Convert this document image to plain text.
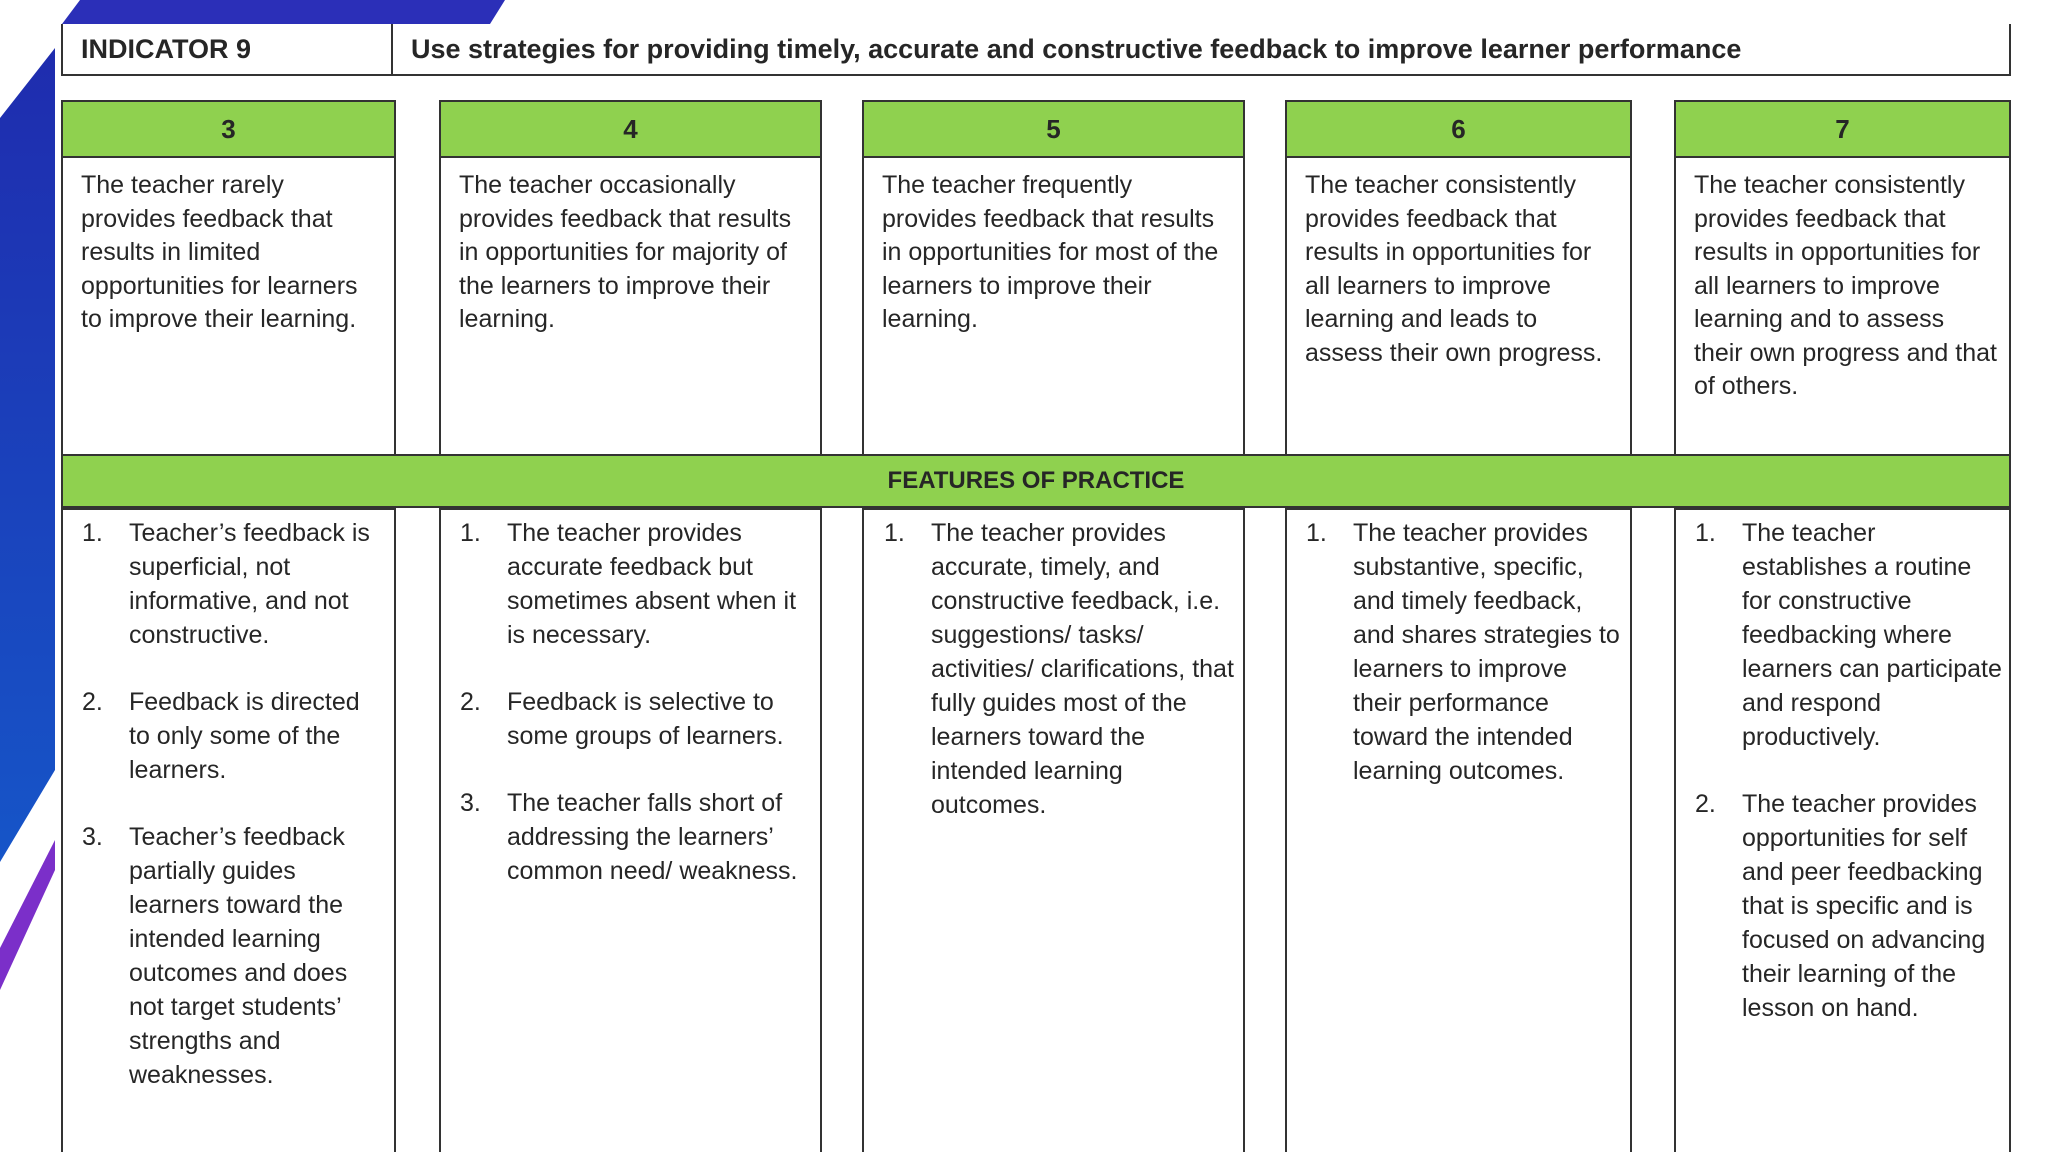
INDICATOR 9	Use strategies for providing timely, accurate and constructive feedback to improve learner performance
3
The teacher rarely provides feedback that results in limited opportunities for learners to improve their learning.
4
The teacher occasionally provides feedback that results in opportunities for majority of the learners to improve their learning.
5
The teacher frequently provides feedback that results in opportunities for most of the learners to improve their learning.
6
The teacher consistently provides feedback that results in opportunities for all learners to improve learning and leads to assess their own progress.
7
The teacher consistently provides feedback that results in opportunities for all learners to improve learning and to assess their own progress and that of others.
FEATURES OF PRACTICE
1. Teacher’s feedback is superficial, not informative, and not constructive.
2. Feedback is directed to only some of the learners.
3. Teacher’s feedback partially guides learners toward the intended learning outcomes and does not target students’ strengths and weaknesses.
1. The teacher provides accurate feedback but sometimes absent when it is necessary.
2. Feedback is selective to some groups of learners.
3. The teacher falls short of addressing the learners’ common need/ weakness.
1. The teacher provides accurate, timely, and constructive feedback, i.e. suggestions/ tasks/ activities/ clarifications, that fully guides most of the learners toward the intended learning outcomes.
1. The teacher provides substantive, specific, and timely feedback, and shares strategies to learners to improve their performance toward the intended learning outcomes.
1. The teacher establishes a routine for constructive feedbacking where learners can participate and respond productively.
2. The teacher provides opportunities for self and peer feedbacking that is specific and is focused on advancing their learning of the lesson on hand.
